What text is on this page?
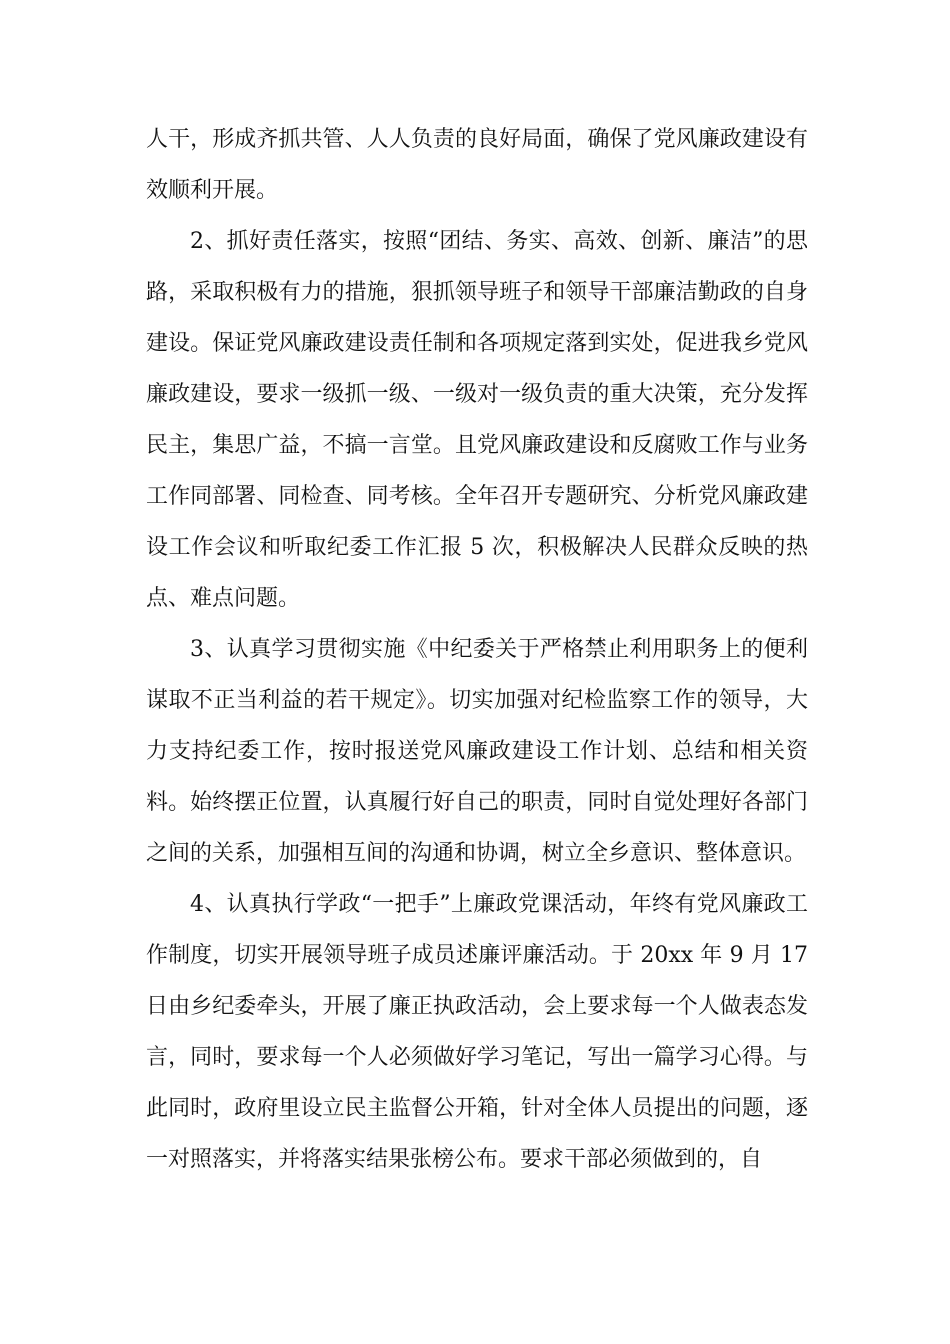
人干，形成齐抓共管、人人负责的良好局面，确保了党风廉政建设有效顺利开展。

2、抓好责任落实，按照“团结、务实、高效、创新、廉洁”的思路，采取积极有力的措施，狠抓领导班子和领导干部廉洁勤政的自身建设。保证党风廉政建设责任制和各项规定落到实处，促进我乡党风廉政建设，要求一级抓一级、一级对一级负责的重大决策，充分发挥民主，集思广益，不搞一言堂。且党风廉政建设和反腐败工作与业务工作同部署、同检查、同考核。全年召开专题研究、分析党风廉政建设工作会议和听取纪委工作汇报 5 次，积极解决人民群众反映的热点、难点问题。

3、认真学习贯彻实施《中纪委关于严格禁止利用职务上的便利谋取不正当利益的若干规定》。切实加强对纪检监察工作的领导，大力支持纪委工作，按时报送党风廉政建设工作计划、总结和相关资料。始终摆正位置，认真履行好自己的职责，同时自觉处理好各部门之间的关系，加强相互间的沟通和协调，树立全乡意识、整体意识。

4、认真执行学政“一把手”上廉政党课活动，年终有党风廉政工作制度，切实开展领导班子成员述廉评廉活动。于 20xx 年 9 月 17 日由乡纪委牵头，开展了廉正执政活动，会上要求每一个人做表态发言，同时，要求每一个人必须做好学习笔记，写出一篇学习心得。与此同时，政府里设立民主监督公开箱，针对全体人员提出的问题，逐一对照落实，并将落实结果张榜公布。要求干部必须做到的，自
